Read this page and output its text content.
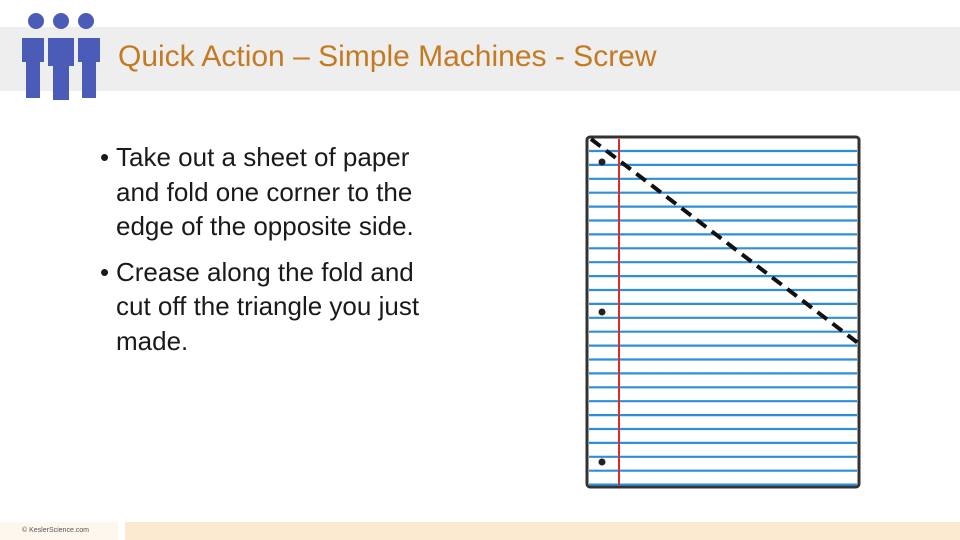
Quick Action – Simple Machines - Screw
• Take out a sheet of paper and fold one corner to the edge of the opposite side.
• Crease along the fold and cut off the triangle you just made.
© KeslerScience.com
